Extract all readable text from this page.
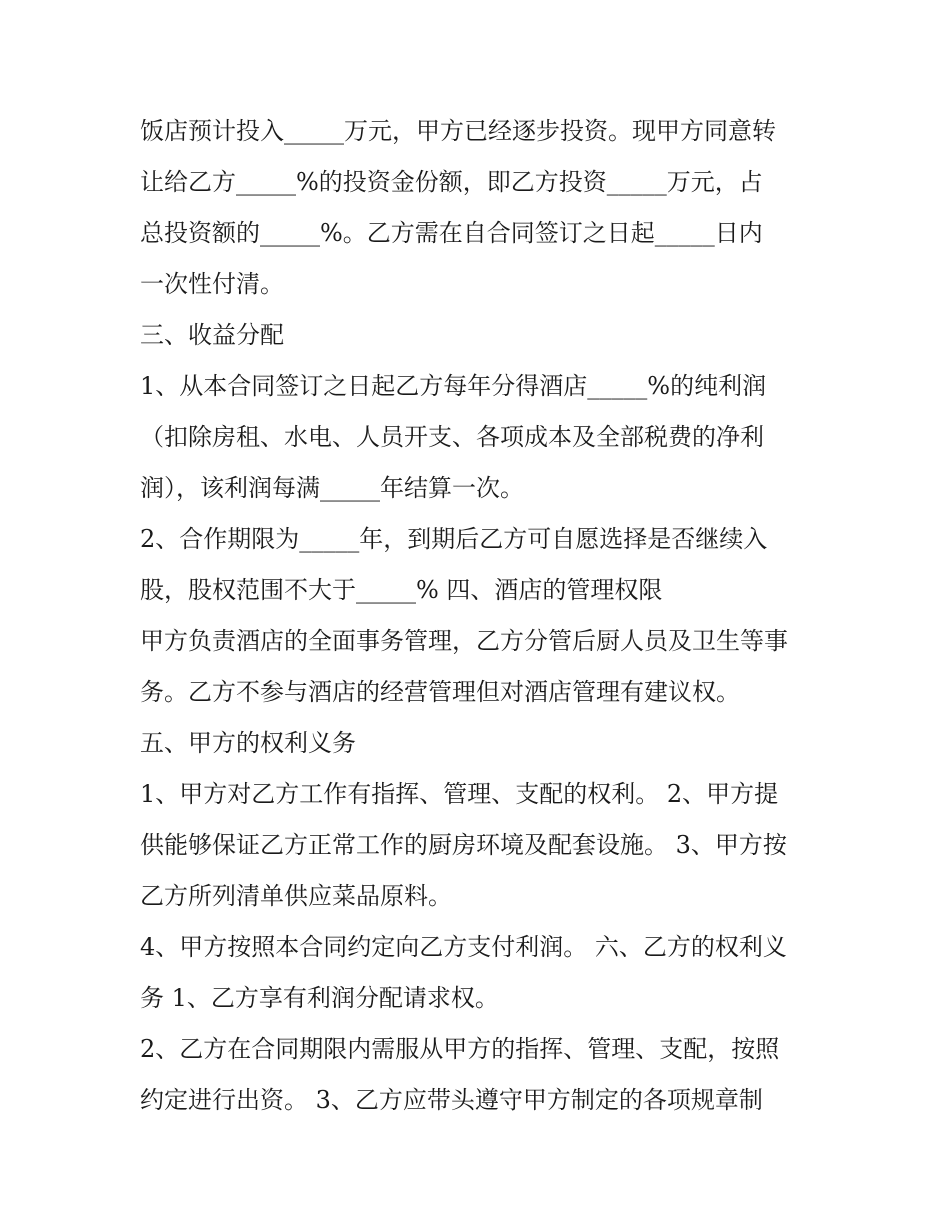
饭店预计投入_____万元，甲方已经逐步投资。现甲方同意转
让给乙方_____%的投资金份额，即乙方投资_____万元，占
总投资额的_____%。乙方需在自合同签订之日起_____日内
一次性付清。
三、收益分配
1、从本合同签订之日起乙方每年分得酒店_____%的纯利润
（扣除房租、水电、人员开支、各项成本及全部税费的净利
润），该利润每满_____年结算一次。
2、合作期限为_____年，到期后乙方可自愿选择是否继续入
股，股权范围不大于_____% 四、酒店的管理权限
甲方负责酒店的全面事务管理，乙方分管后厨人员及卫生等事
务。乙方不参与酒店的经营管理但对酒店管理有建议权。
五、甲方的权利义务
1、甲方对乙方工作有指挥、管理、支配的权利。 2、甲方提
供能够保证乙方正常工作的厨房环境及配套设施。 3、甲方按
乙方所列清单供应菜品原料。
4、甲方按照本合同约定向乙方支付利润。 六、乙方的权利义
务 1、乙方享有利润分配请求权。
2、乙方在合同期限内需服从甲方的指挥、管理、支配，按照
约定进行出资。 3、乙方应带头遵守甲方制定的各项规章制
